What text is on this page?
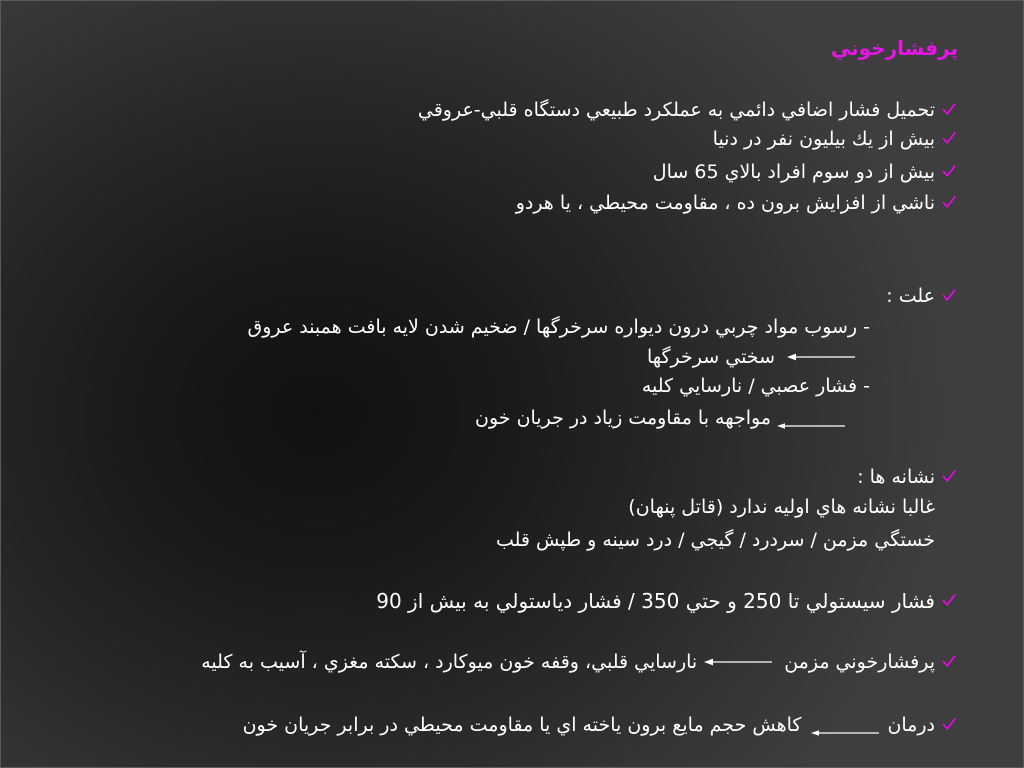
پرفشارخوني
تحميل فشار اضافي دائمي به عملكرد طبيعي دستگاه قلبي-عروقي
بيش از يك بيليون نفر در دنيا
بيش از دو سوم افراد بالاي 65 سال
ناشي از افزايش برون ده ، مقاومت محيطي ، يا هردو
علت :
- رسوب مواد چربي درون ديواره سرخرگها / ضخيم شدن لايه بافت همبند عروق
سختي سرخرگها
- فشار عصبي / نارسايي كليه
مواجهه با مقاومت زياد در جريان خون
نشانه ها :
غالبا نشانه هاي اوليه ندارد (قاتل پنهان)
خستگي مزمن / سردرد / گيجي / درد سينه و طپش قلب
فشار سيستولي تا 250 و حتي 350 / فشار دياستولي به بيش از 90
پرفشارخوني مزمن
نارسايي قلبي، وقفه خون ميوكارد ، سكته مغزي ، آسيب به كليه
درمان
كاهش حجم مايع برون ياخته اي يا مقاومت محيطي در برابر جريان خون
